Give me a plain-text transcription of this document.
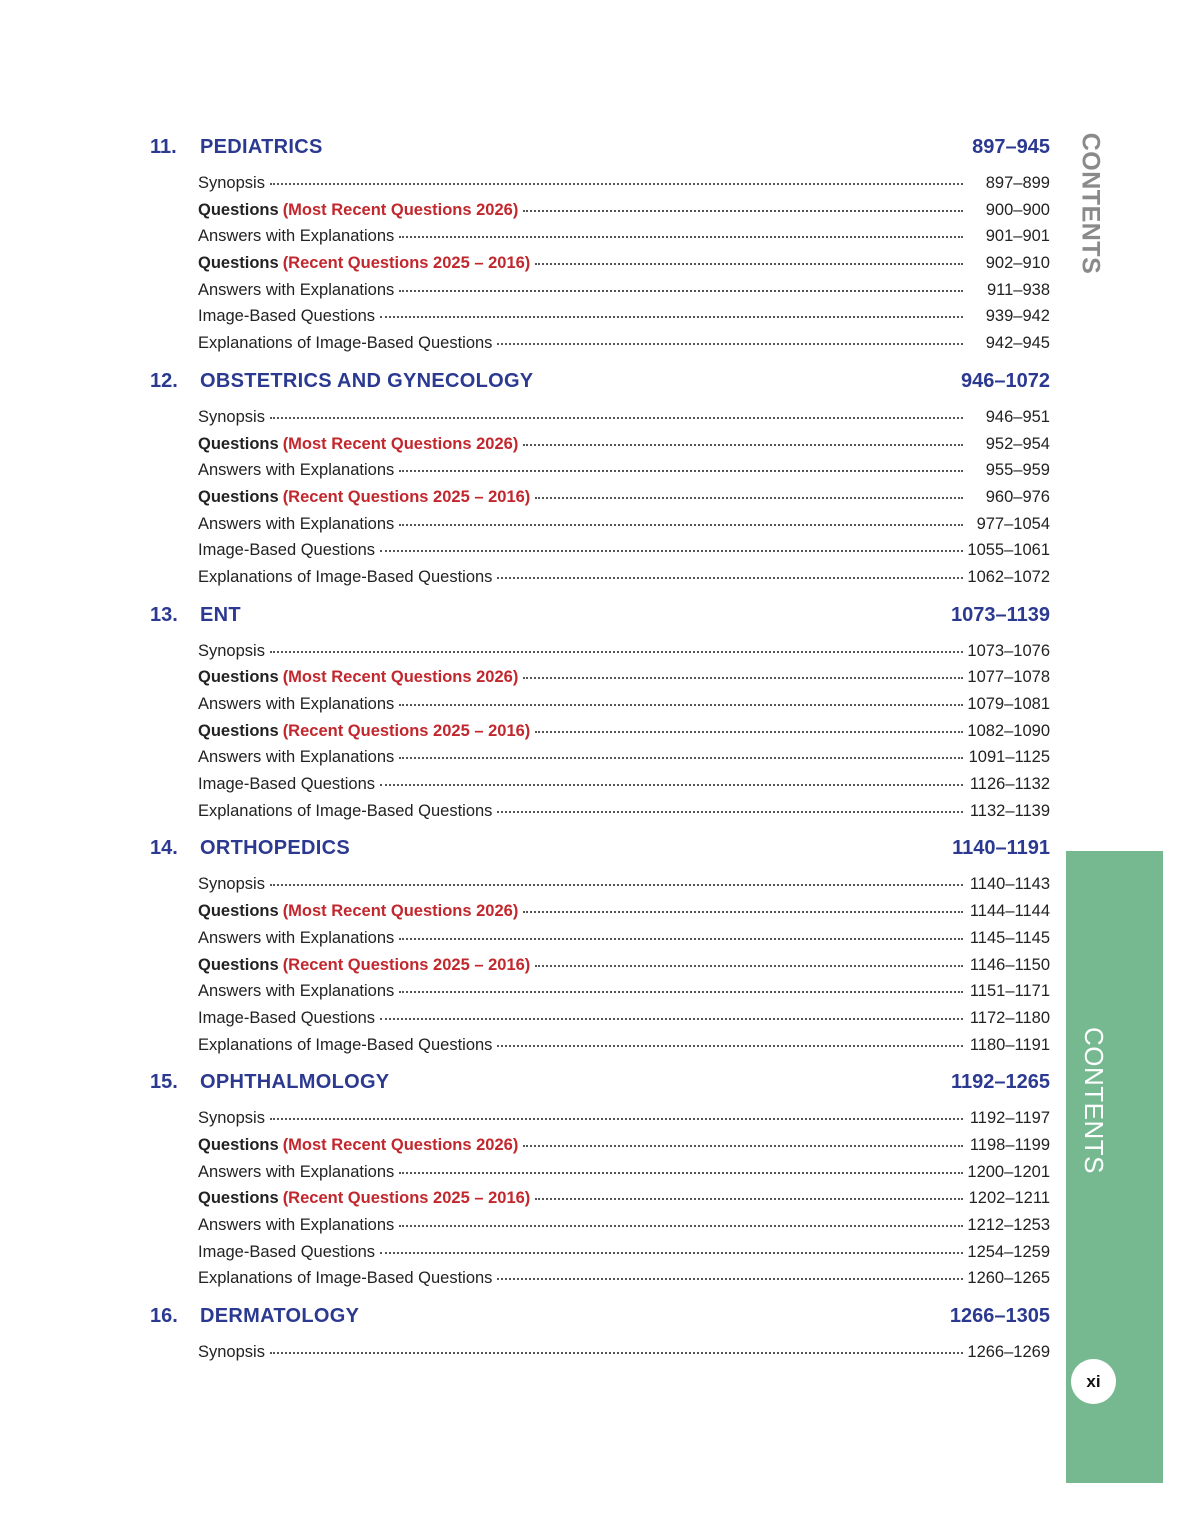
11.	PEDIATRICS	897–945
Synopsis	897–899
Questions (Most Recent Questions 2026)	900–900
Answers with Explanations	901–901
Questions (Recent Questions 2025 – 2016)	902–910
Answers with Explanations	911–938
Image-Based Questions	939–942
Explanations of Image-Based Questions	942–945
12.	OBSTETRICS AND GYNECOLOGY	946–1072
Synopsis	946–951
Questions (Most Recent Questions 2026)	952–954
Answers with Explanations	955–959
Questions (Recent Questions 2025 – 2016)	960–976
Answers with Explanations	977–1054
Image-Based Questions	1055–1061
Explanations of Image-Based Questions	1062–1072
13.	ENT	1073–1139
Synopsis	1073–1076
Questions (Most Recent Questions 2026)	1077–1078
Answers with Explanations	1079–1081
Questions (Recent Questions 2025 – 2016)	1082–1090
Answers with Explanations	1091–1125
Image-Based Questions	1126–1132
Explanations of Image-Based Questions	1132–1139
14.	ORTHOPEDICS	1140–1191
Synopsis	1140–1143
Questions (Most Recent Questions 2026)	1144–1144
Answers with Explanations	1145–1145
Questions (Recent Questions 2025 – 2016)	1146–1150
Answers with Explanations	1151–1171
Image-Based Questions	1172–1180
Explanations of Image-Based Questions	1180–1191
15.	OPHTHALMOLOGY	1192–1265
Synopsis	1192–1197
Questions (Most Recent Questions 2026)	1198–1199
Answers with Explanations	1200–1201
Questions (Recent Questions 2025 – 2016)	1202–1211
Answers with Explanations	1212–1253
Image-Based Questions	1254–1259
Explanations of Image-Based Questions	1260–1265
16.	DERMATOLOGY	1266–1305
Synopsis	1266–1269
CONTENTS
CONTENTS
xi
